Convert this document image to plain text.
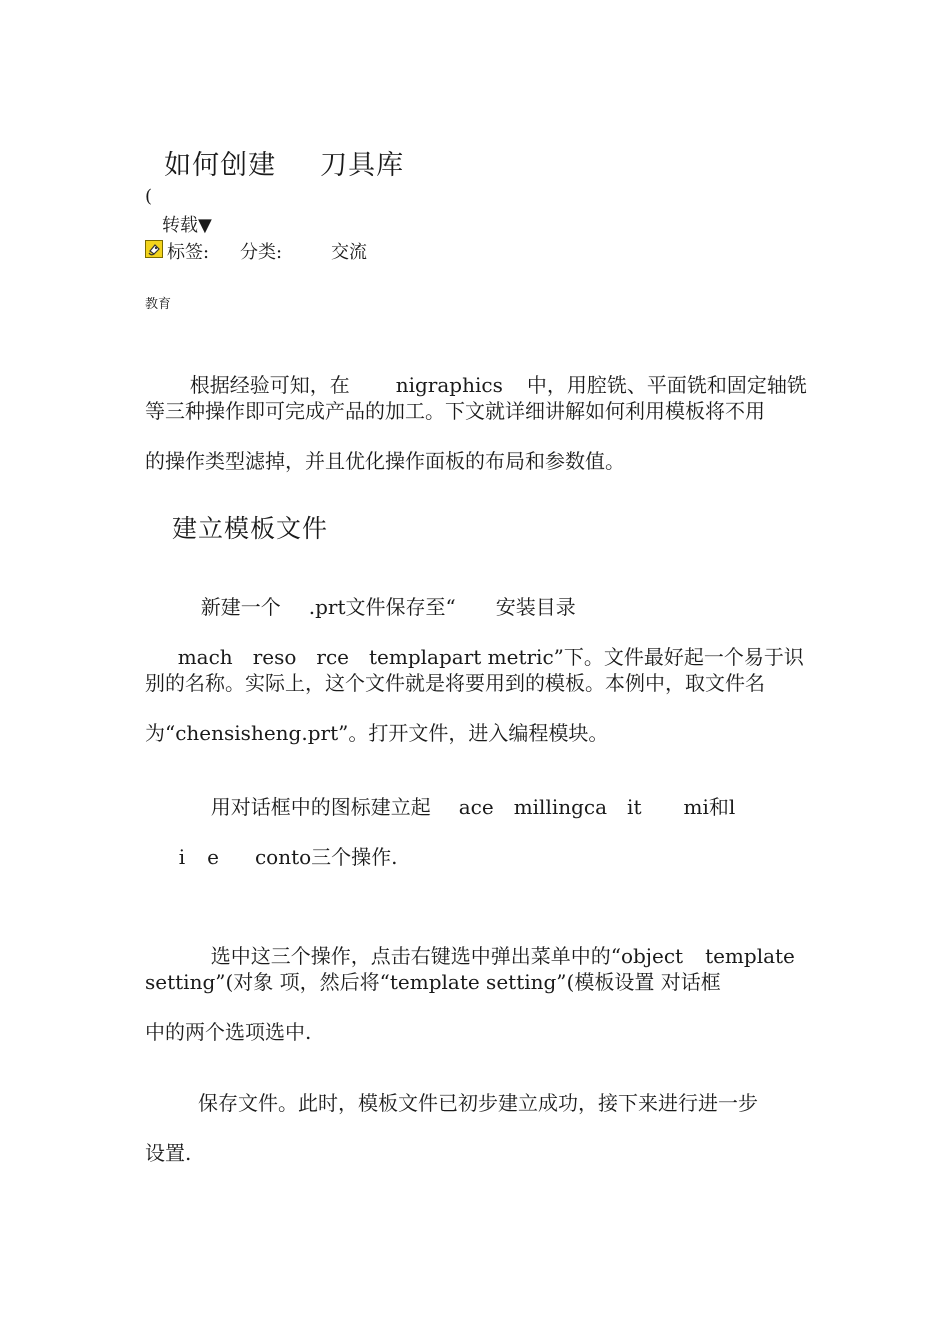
如何创建 刀具库

(
转载▼
标签: 分类:	交流
教育

根据经验可知，在 nigraphics 中，用腔铣、平面铣和固定轴铣

等三种操作即可完成产品的加工。下文就详细讲解如何利用模板将不用
的操作类型滤掉，并且优化操作面板的布局和参数值。
建立模板文件

新建一个 .prt文件保存至“ 安装目录

mach reso rce templapart metric”下。文件最好起一个易于识

别的名称。实际上，这个文件就是将要用到的模板。本例中，取文件名
为“chensisheng.prt”。打开文件，进入编程模块。

用对话框中的图标建立起 ace millingca it mi和l

i e conto三个操作.

选中这三个操作，点击右键选中弹出菜单中的“object template

setting”(对象 项，然后将“template setting”(模板设置 对话框
中的两个选项选中.
保存文件。此时，模板文件已初步建立成功，接下来进行进一步
设置.
